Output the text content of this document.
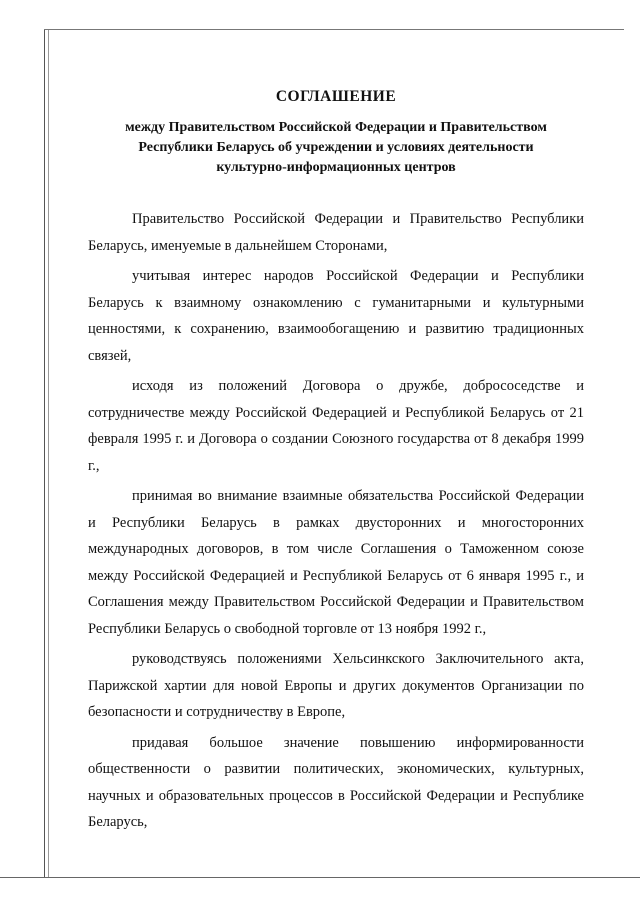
СОГЛАШЕНИЕ
между Правительством Российской Федерации и Правительством
Республики Беларусь об учреждении и условиях деятельности
культурно-информационных центров

Правительство Российской Федерации и Правительство Республики Беларусь, именуемые в дальнейшем Сторонами,

учитывая интерес народов Российской Федерации и Республики Беларусь к взаимному ознакомлению с гуманитарными и культурными ценностями, к сохранению, взаимообогащению и развитию традиционных связей,

исходя из положений Договора о дружбе, добрососедстве и сотрудничестве между Российской Федерацией и Республикой Беларусь от 21 февраля 1995 г. и Договора о создании Союзного государства от 8 декабря 1999 г.,

принимая во внимание взаимные обязательства Российской Федерации и Республики Беларусь в рамках двусторонних и многосторонних международных договоров, в том числе Соглашения о Таможенном союзе между Российской Федерацией и Республикой Беларусь от 6 января 1995 г., и Соглашения между Правительством Российской Федерации и Правительством Республики Беларусь о свободной торговле от 13 ноября 1992 г.,

руководствуясь положениями Хельсинкского Заключительного акта, Парижской хартии для новой Европы и других документов Организации по безопасности и сотрудничеству в Европе,

придавая большое значение повышению информированности общественности о развитии политических, экономических, культурных, научных и образовательных процессов в Российской Федерации и Республике Беларусь,
